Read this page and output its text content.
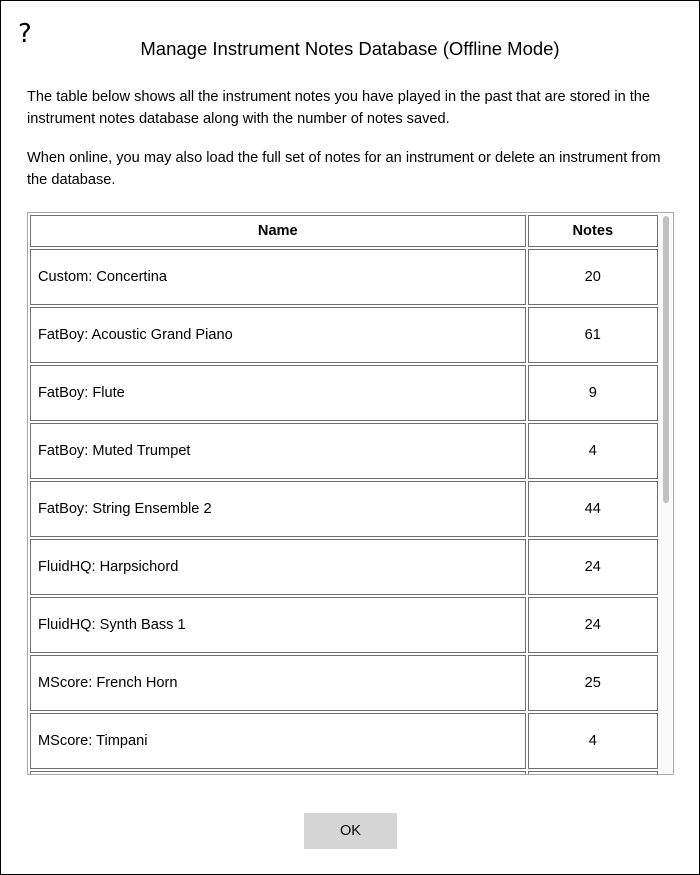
?	Manage Instrument Notes Database (Offline Mode)
The table below shows all the instrument notes you have played in the past that are stored in the instrument notes database along with the number of notes saved.
When online, you may also load the full set of notes for an instrument or delete an instrument from the database.
Name	Notes
Custom: Concertina	20
FatBoy: Acoustic Grand Piano	61
FatBoy: Flute	9
FatBoy: Muted Trumpet	4
FatBoy: String Ensemble 2	44
FluidHQ: Harpsichord	24
FluidHQ: Synth Bass 1	24
MScore: French Horn	25
MScore: Timpani	4

OK
